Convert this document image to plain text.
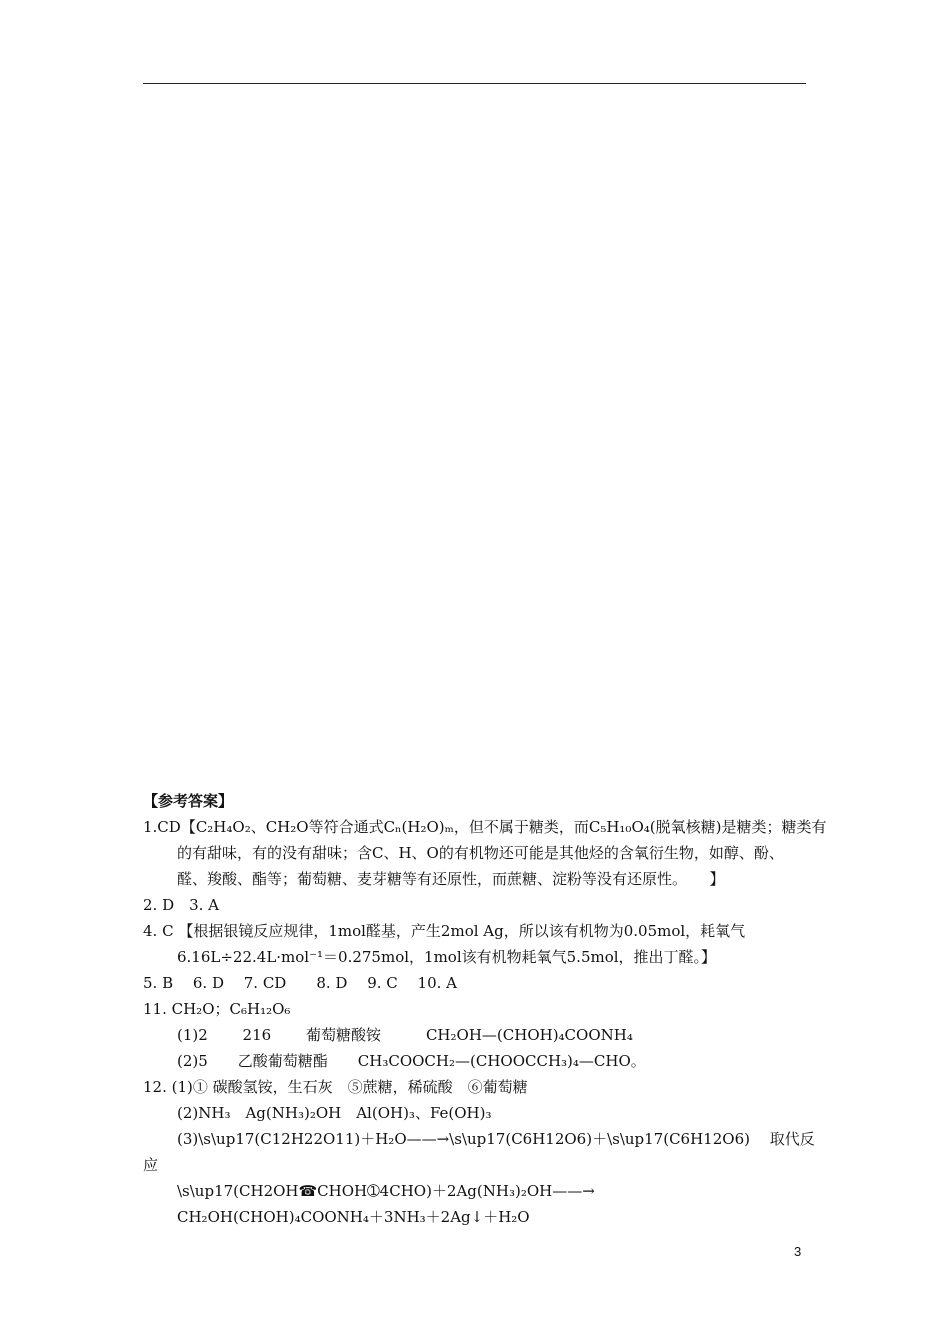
【参考答案】
1.CD【C₂H₄O₂、CH₂O等符合通式Cₙ(H₂O)ₘ，但不属于糖类，而C₅H₁₀O₄(脱氧核糖)是糖类；糖类有
的有甜味，有的没有甜味；含C、H、O的有机物还可能是其他烃的含氧衍生物，如醇、酚、
醛、羧酸、酯等；葡萄糖、麦芽糖等有还原性，而蔗糖、淀粉等没有还原性。　　】
2. D　3. A
4. C 【根据银镜反应规律，1mol醛基，产生2mol Ag，所以该有机物为0.05mol，耗氧气
6.16L÷22.4L·mol⁻¹＝0.275mol，1mol该有机物耗氧气5.5mol，推出丁醛。】
5. B　 6. D　 7. CD　　8. D　 9. C　 10. A
11. CH₂O；C₆H₁₂O₆
(1)2　　 216　　 葡萄糖酸铵　　　CH₂OH—(CHOH)₄COONH₄
(2)5　　乙酸葡萄糖酯　　CH₃COOCH₂—(CHOOCCH₃)₄—CHO。
12. (1)① 碳酸氢铵，生石灰　⑤蔗糖，稀硫酸　⑥葡萄糖
(2)NH₃　Ag(NH₃)₂OH　Al(OH)₃、Fe(OH)₃
(3)\s\up17(C12H22O11)＋H₂O——→\s\up17(C6H12O6)＋\s\up17(C6H12O6)　 取代反
应
\s\up17(CH2OH☎CHOH➀4CHO)＋2Ag(NH₃)₂OH——→
CH₂OH(CHOH)₄COONH₄＋3NH₃＋2Ag↓＋H₂O
3
